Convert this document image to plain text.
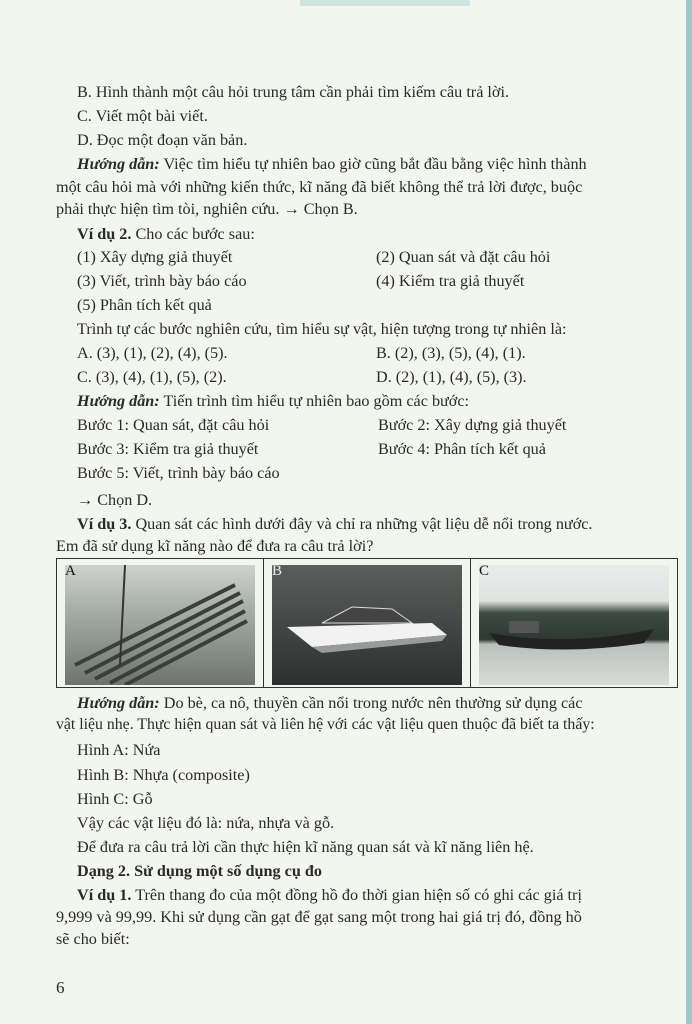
B. Hình thành một câu hỏi trung tâm cần phải tìm kiếm câu trả lời.
C. Viết một bài viết.
D. Đọc một đoạn văn bản.
Hướng dẫn: Việc tìm hiểu tự nhiên bao giờ cũng bắt đầu bằng việc hình thành
một câu hỏi mà với những kiến thức, kĩ năng đã biết không thể trả lời được, buộc
phải thực hiện tìm tòi, nghiên cứu. → Chọn B.
Ví dụ 2. Cho các bước sau:
(1) Xây dựng giả thuyết	(2) Quan sát và đặt câu hỏi
(3) Viết, trình bày báo cáo	(4) Kiểm tra giả thuyết
(5) Phân tích kết quả
Trình tự các bước nghiên cứu, tìm hiểu sự vật, hiện tượng trong tự nhiên là:
A. (3), (1), (2), (4), (5).	B. (2), (3), (5), (4), (1).
C. (3), (4), (1), (5), (2).	D. (2), (1), (4), (5), (3).
Hướng dẫn: Tiến trình tìm hiểu tự nhiên bao gồm các bước:
Bước 1: Quan sát, đặt câu hỏi	Bước 2: Xây dựng giả thuyết
Bước 3: Kiểm tra giả thuyết	Bước 4: Phân tích kết quả
Bước 5: Viết, trình bày báo cáo
→ Chọn D.
Ví dụ 3. Quan sát các hình dưới đây và chỉ ra những vật liệu dễ nổi trong nước.
Em đã sử dụng kĩ năng nào để đưa ra câu trả lời?
A	B	C
Hướng dẫn: Do bè, ca nô, thuyền cần nổi trong nước nên thường sử dụng các
vật liệu nhẹ. Thực hiện quan sát và liên hệ với các vật liệu quen thuộc đã biết ta thấy:
Hình A: Nứa
Hình B: Nhựa (composite)
Hình C: Gỗ
Vậy các vật liệu đó là: nứa, nhựa và gỗ.
Để đưa ra câu trả lời cần thực hiện kĩ năng quan sát và kĩ năng liên hệ.
Dạng 2. Sử dụng một số dụng cụ đo
Ví dụ 1. Trên thang đo của một đồng hồ đo thời gian hiện số có ghi các giá trị
9,999 và 99,99. Khi sử dụng cần gạt để gạt sang một trong hai giá trị đó, đồng hồ
sẽ cho biết:
6
